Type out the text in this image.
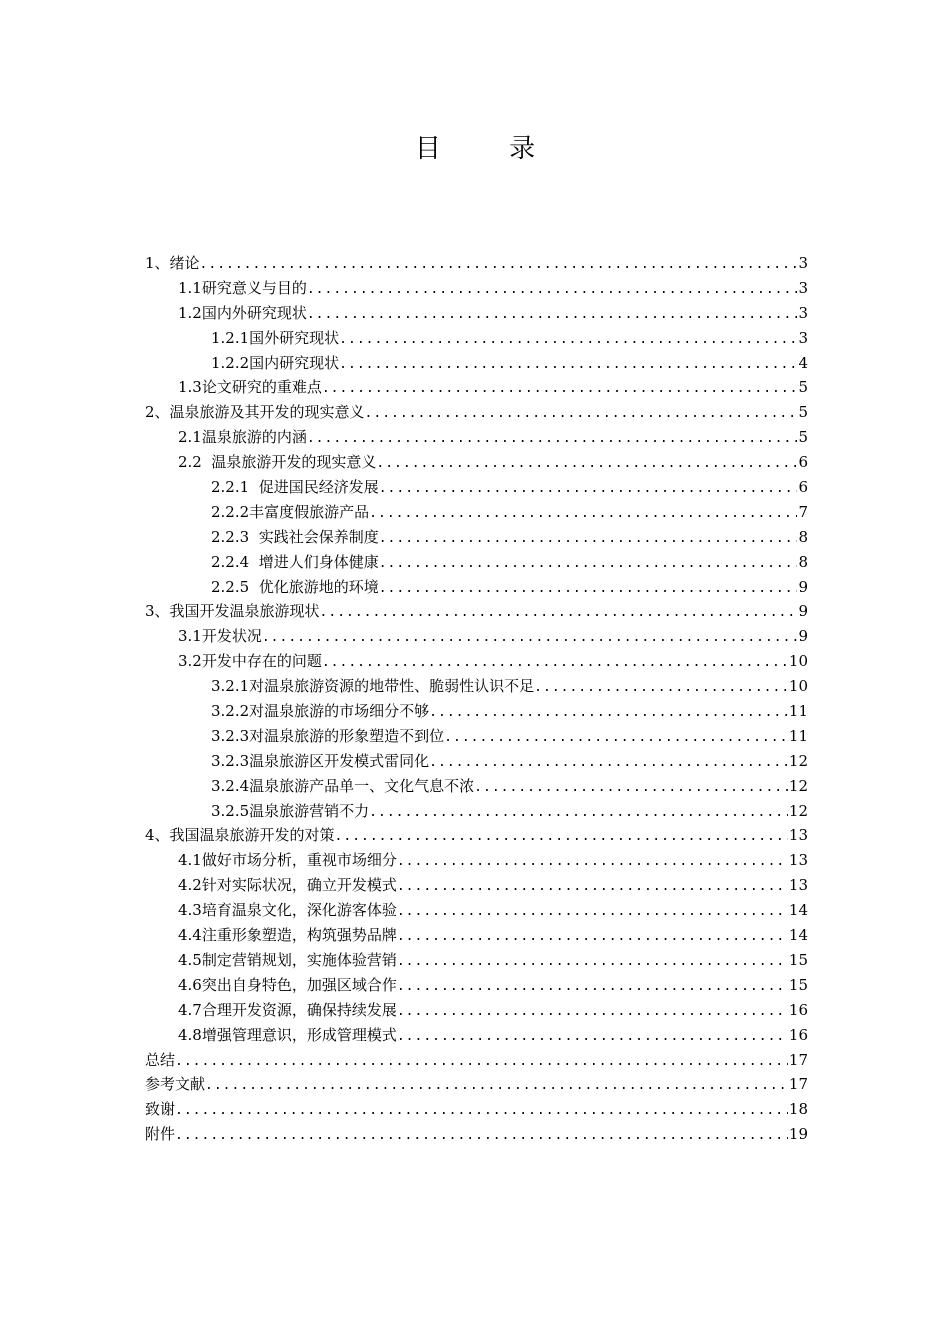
目 录
1、绪论 .....	3
1.1研究意义与目的 .....	3
1.2国内外研究现状 .....	3
1.2.1国外研究现状 .....	3
1.2.2国内研究现状 .....	4
1.3论文研究的重难点 .....	5
2、温泉旅游及其开发的现实意义 .....	5
2.1温泉旅游的内涵 .....	5
2.2  温泉旅游开发的现实意义 .....	6
2.2.1  促进国民经济发展 .....	6
2.2.2丰富度假旅游产品 .....	7
2.2.3  实践社会保养制度 .....	8
2.2.4  增进人们身体健康 .....	8
2.2.5  优化旅游地的环境 .....	9
3、我国开发温泉旅游现状 .....	9
3.1开发状况 .....	9
3.2开发中存在的问题 .....	10
3.2.1对温泉旅游资源的地带性、脆弱性认识不足 .....	10
3.2.2对温泉旅游的市场细分不够 .....	11
3.2.3对温泉旅游的形象塑造不到位 .....	11
3.2.3温泉旅游区开发模式雷同化 .....	12
3.2.4温泉旅游产品单一、文化气息不浓 .....	12
3.2.5温泉旅游营销不力 .....	12
4、我国温泉旅游开发的对策 .....	13
4.1做好市场分析，重视市场细分 .....	13
4.2针对实际状况，确立开发模式 .....	13
4.3培育温泉文化，深化游客体验 .....	14
4.4注重形象塑造，构筑强势品牌 .....	14
4.5制定营销规划，实施体验营销 .....	15
4.6突出自身特色，加强区域合作 .....	15
4.7合理开发资源，确保持续发展 .....	16
4.8增强管理意识，形成管理模式 .....	16
总结 .....	17
参考文献 .....	17
致谢 .....	18
附件 .....	19
